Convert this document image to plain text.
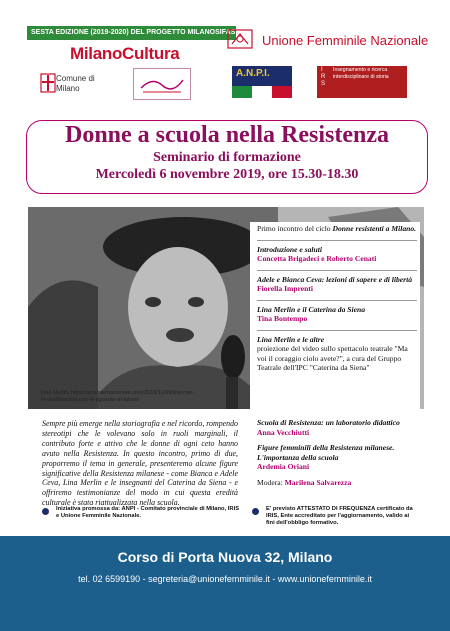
SESTA EDIZIONE (2019-2020) DEL PROGETTO MILANOSIFASTORIA
MilanoCultura
Comune di
Milano
Unione Femminile Nazionale
A.N.P.I.	I
R
S
Insegnamento e ricerca interdisciplinare di storia
Donne a scuola nella Resistenza
Seminario di formazione
Mercoledì 6 novembre 2019, ore 15.30-18.30
Lina Merlin, https://ecointernazionale.com/2018/11/09/lina-mer-
lin-lantifascista-con-lo-sguardo-al-futuro/

Primo incontro del ciclo Donne resistenti a Milano.

Introduzione e saluti
Concetta Brigadeci e Roberto Cenati

Adele e Bianca Ceva: lezioni di sapere e di libertà
Fiorella Imprenti

Lina Merlin e il Caterina da Siena
Tina Bontempo

Lina Merlin e le altre
proiezione del video sullo spettacolo teatrale "Ma voi il coraggio ciolo avete?", a cura del Gruppo Teatrale dell'IPC "Caterina da Siena"

Sempre più emerge nella storiografia e nel ricordo, rompendo stereotipi che le volevano solo in ruoli marginali, il contributo forte e attivo che le donne di ogni ceto hanno avuto nella Resistenza. In questo incontro, primo di due, proporremo il tema in generale, presenteremo alcune figure significative della Resistenza milanese - come Bianca e Adele Ceva, Lina Merlin e le insegnanti del Caterina da Siena - e offriremo testimonianze del modo in cui questa eredità culturale è stata riattualizzata nella scuola.

Scuola di Resistenza: un laboratorio didattico
Anna Vecchiutti

Figure femminili della Resistenza milanese. L'importanza della scuola
Ardemia Oriani

Modera: Marilena Salvarezza

Iniziativa promossa da: ANPI - Comitato provinciale di Milano, IRIS e Unione Femminile Nazionale.
E' previsto ATTESTATO DI FREQUENZA certificato da IRIS, Ente accreditato per l'aggiornamento, valido ai fini dell'obbligo formativo.
Corso di Porta Nuova 32, Milano
tel. 02 6599190 - segreteria@unionefemminile.it - www.unionefemminile.it
